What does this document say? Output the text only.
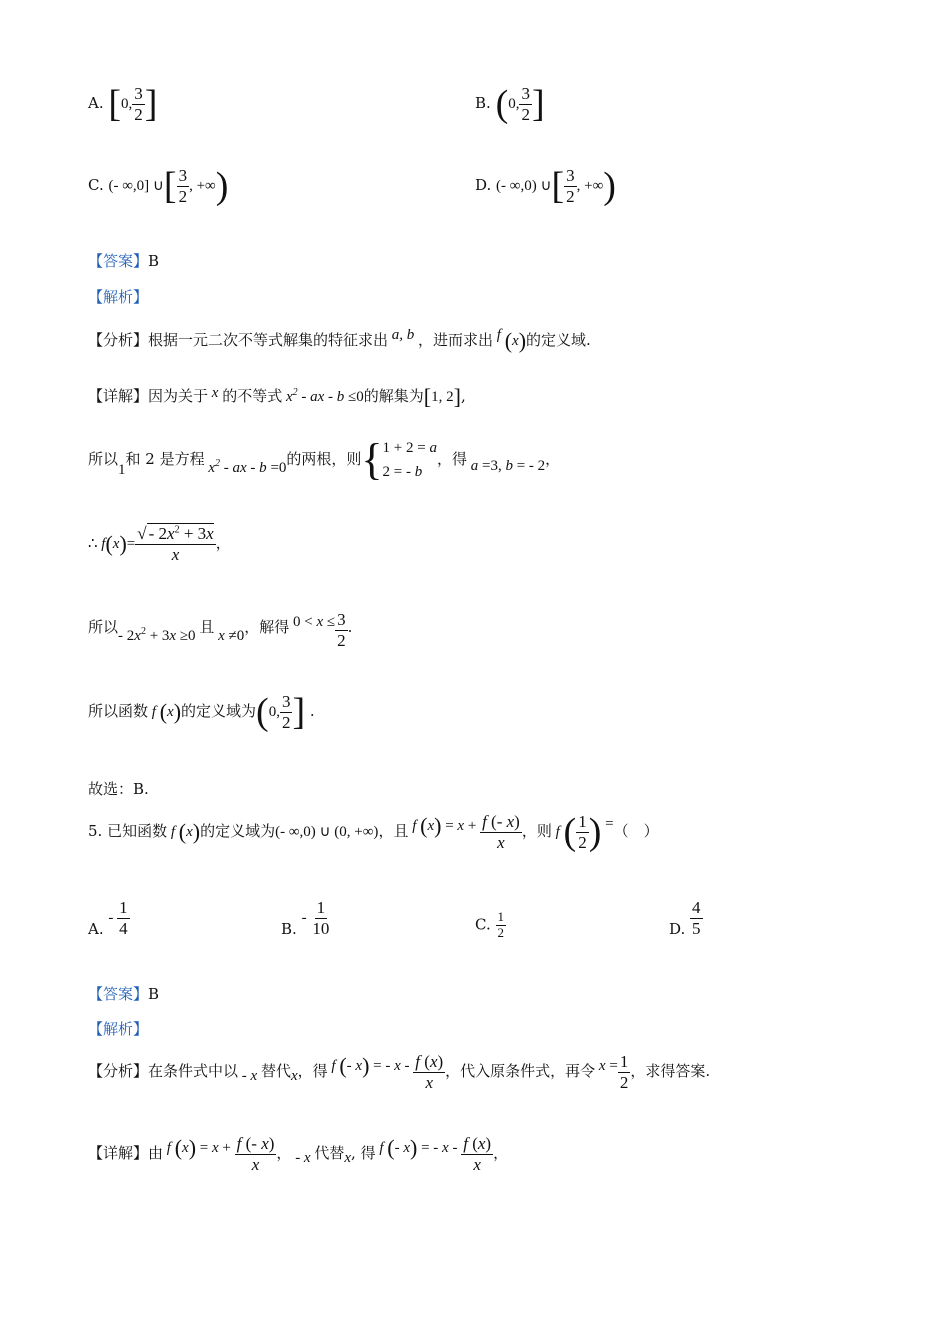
A. [0, $\frac{3}{2}$ ]	B. (0, $\frac{3}{2}$ ]
C. (- ∞,0] ∪[ $\frac{3}{2}$ , +∞)	D. (- ∞,0) ∪[ $\frac{3}{2}$ , +∞)
【答案】B
【解析】
【分析】根据一元二次不等式解集的特征求出 a, b ，进而求出 f (x)的定义域.
【详解】因为关于 x 的不等式 $x^2$ - ax - b ≤0的解集为[1, 2],
所以1和 2 是方程 $x^2$ - ax - b =0的两根，则{1 + 2 = a
2 = - b，得 a =3, b = - 2，
∴ $f(x)= \frac{√ - 2x^2 + 3x}{x}$ ，
所以- $2x^2 + 3x \ge 0$ 且 x ≠0，解得 $0 < x \le \frac{3}{2}$ .
所以函数 f (x)的定义域为(0, $\frac{3}{2}$ ] .
故选：B.
5. 已知函数 f (x)的定义域为(- ∞,0) ∪ (0, +∞)，且 f $(x) = x + \frac{f (- x)}{x}$ ，则 f ( $\frac{1}{2}$ ) =（　）
A. - $\frac{1}{4}$	B. - $\frac{1}{10}$	C. $\frac{1}{2}$	D. $\frac{4}{5}$
【答案】B
【解析】
【分析】在条件式中以 - x 替代x，得 f (- x) = - x - $\frac{f (x)}{x}$ ，代入原条件式，再令 $x = \frac{1}{2}$ ，求得答案.
【详解】由 f $(x) = x + \frac{f (- x)}{x}$ ， - x 代替x, 得 f (- x) = - x - $\frac{f (x)}{x}$ ，
